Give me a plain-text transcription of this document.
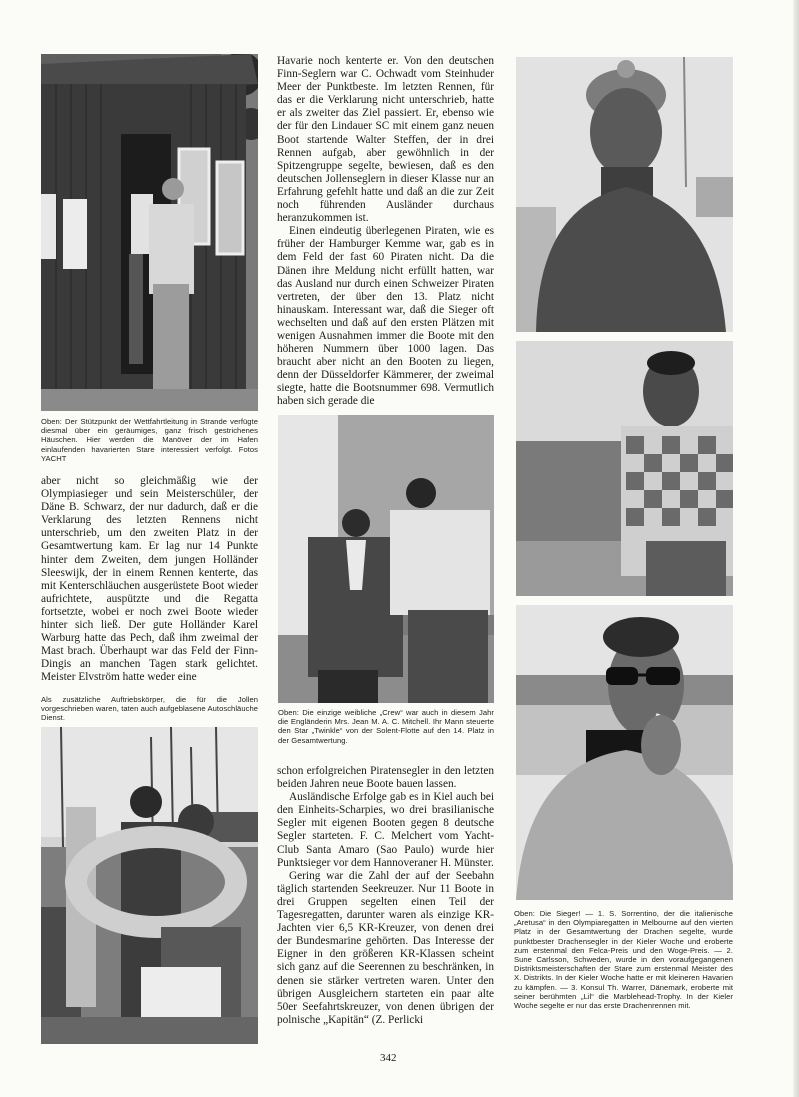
Oben: Der Stützpunkt der Wettfahrtleitung in Strande verfügte diesmal über ein geräumiges, ganz frisch gestrichenes Häuschen. Hier werden die Manöver der im Hafen einlaufenden havarierten Stare interessiert verfolgt. Fotos YACHT

aber nicht so gleichmäßig wie der Olympiasieger und sein Meisterschüler, der Däne B. Schwarz, der nur dadurch, daß er die Verklarung des letzten Rennens nicht unterschrieb, um den zweiten Platz in der Gesamtwertung kam. Er lag nur 14 Punkte hinter dem Zweiten, dem jungen Holländer Sleeswijk, der in einem Rennen kenterte, das mit Kenterschläuchen ausgerüstete Boot wieder aufrichtete, auspützte und die Regatta fortsetzte, wobei er noch zwei Boote wieder hinter sich ließ. Der gute Holländer Karel Warburg hatte das Pech, daß ihm zweimal der Mast brach. Überhaupt war das Feld der Finn-Dingis an manchen Tagen stark gelichtet. Meister Elvström hatte weder eine

Als zusätzliche Auftriebskörper, die für die Jollen vorgeschrieben waren, taten auch aufgeblasene Autoschläuche Dienst.

Havarie noch kenterte er. Von den deutschen Finn-Seglern war C. Ochwadt vom Steinhuder Meer der Punktbeste. Im letzten Rennen, für das er die Verklarung nicht unterschrieb, hatte er als zweiter das Ziel passiert. Er, ebenso wie der für den Lindauer SC mit einem ganz neuen Boot startende Walter Steffen, der in drei Rennen aufgab, aber gewöhnlich in der Spitzengruppe segelte, bewiesen, daß es den deutschen Jollenseglern in dieser Klasse nur an Erfahrung gefehlt hatte und daß an die zur Zeit noch führenden Ausländer durchaus heranzukommen ist.

Einen eindeutig überlegenen Piraten, wie es früher der Hamburger Kemme war, gab es in dem Feld der fast 60 Piraten nicht. Da die Dänen ihre Meldung nicht erfüllt hatten, war das Ausland nur durch einen Schweizer Piraten vertreten, der über den 13. Platz nicht hinauskam. Interessant war, daß die Sieger oft wechselten und daß auf den ersten Plätzen mit wenigen Ausnahmen immer die Boote mit den höheren Nummern über 1000 lagen. Das braucht aber nicht an den Booten zu liegen, denn der Düsseldorfer Kämmerer, der zweimal siegte, hatte die Bootsnummer 698. Vermutlich haben sich gerade die

Oben: Die einzige weibliche „Crew“ war auch in diesem Jahr die Engländerin Mrs. Jean M. A. C. Mitchell. Ihr Mann steuerte den Star „Twinkle“ von der Solent-Flotte auf den 14. Platz in der Gesamtwertung.

schon erfolgreichen Piratensegler in den letzten beiden Jahren neue Boote bauen lassen.

Ausländische Erfolge gab es in Kiel auch bei den Einheits-Scharpies, wo drei brasilianische Segler mit eigenen Booten gegen 8 deutsche Segler starteten. F. C. Melchert vom Yacht-Club Santa Amaro (Sao Paulo) wurde hier Punktsieger vor dem Hannoveraner H. Münster.

Gering war die Zahl der auf der Seebahn täglich startenden Seekreuzer. Nur 11 Boote in drei Gruppen segelten einen Teil der Tagesregatten, darunter waren als einzige KR-Jachten vier 6,5 KR-Kreuzer, von denen drei der Bundesmarine gehörten. Das Interesse der Eigner in den größeren KR-Klassen scheint sich ganz auf die Seerennen zu beschränken, in denen sie stärker vertreten waren. Unter den übrigen Ausgleichern starteten ein paar alte 50er Seefahrtskreuzer, von denen übrigen der polnische „Kapitän“ (Z. Perlicki

Oben: Die Sieger! — 1. S. Sorrentino, der die italienische „Aretusa“ in den Olympiaregatten in Melbourne auf den vierten Platz in der Gesamtwertung der Drachen segelte, wurde punktbester Drachensegler in der Kieler Woche und eroberte zum erstenmal den Felca-Preis und den Woge-Preis. — 2. Sune Carlsson, Schweden, wurde in den voraufgegangenen Distriktsmeisterschaften der Stare zum erstenmal Meister des X. Distrikts. In der Kieler Woche hatte er mit kleineren Havarien zu kämpfen. — 3. Konsul Th. Warrer, Dänemark, eroberte mit seiner berühmten „Lil“ die Marblehead-Trophy. In der Kieler Woche segelte er nur das erste Drachenrennen mit.
342
